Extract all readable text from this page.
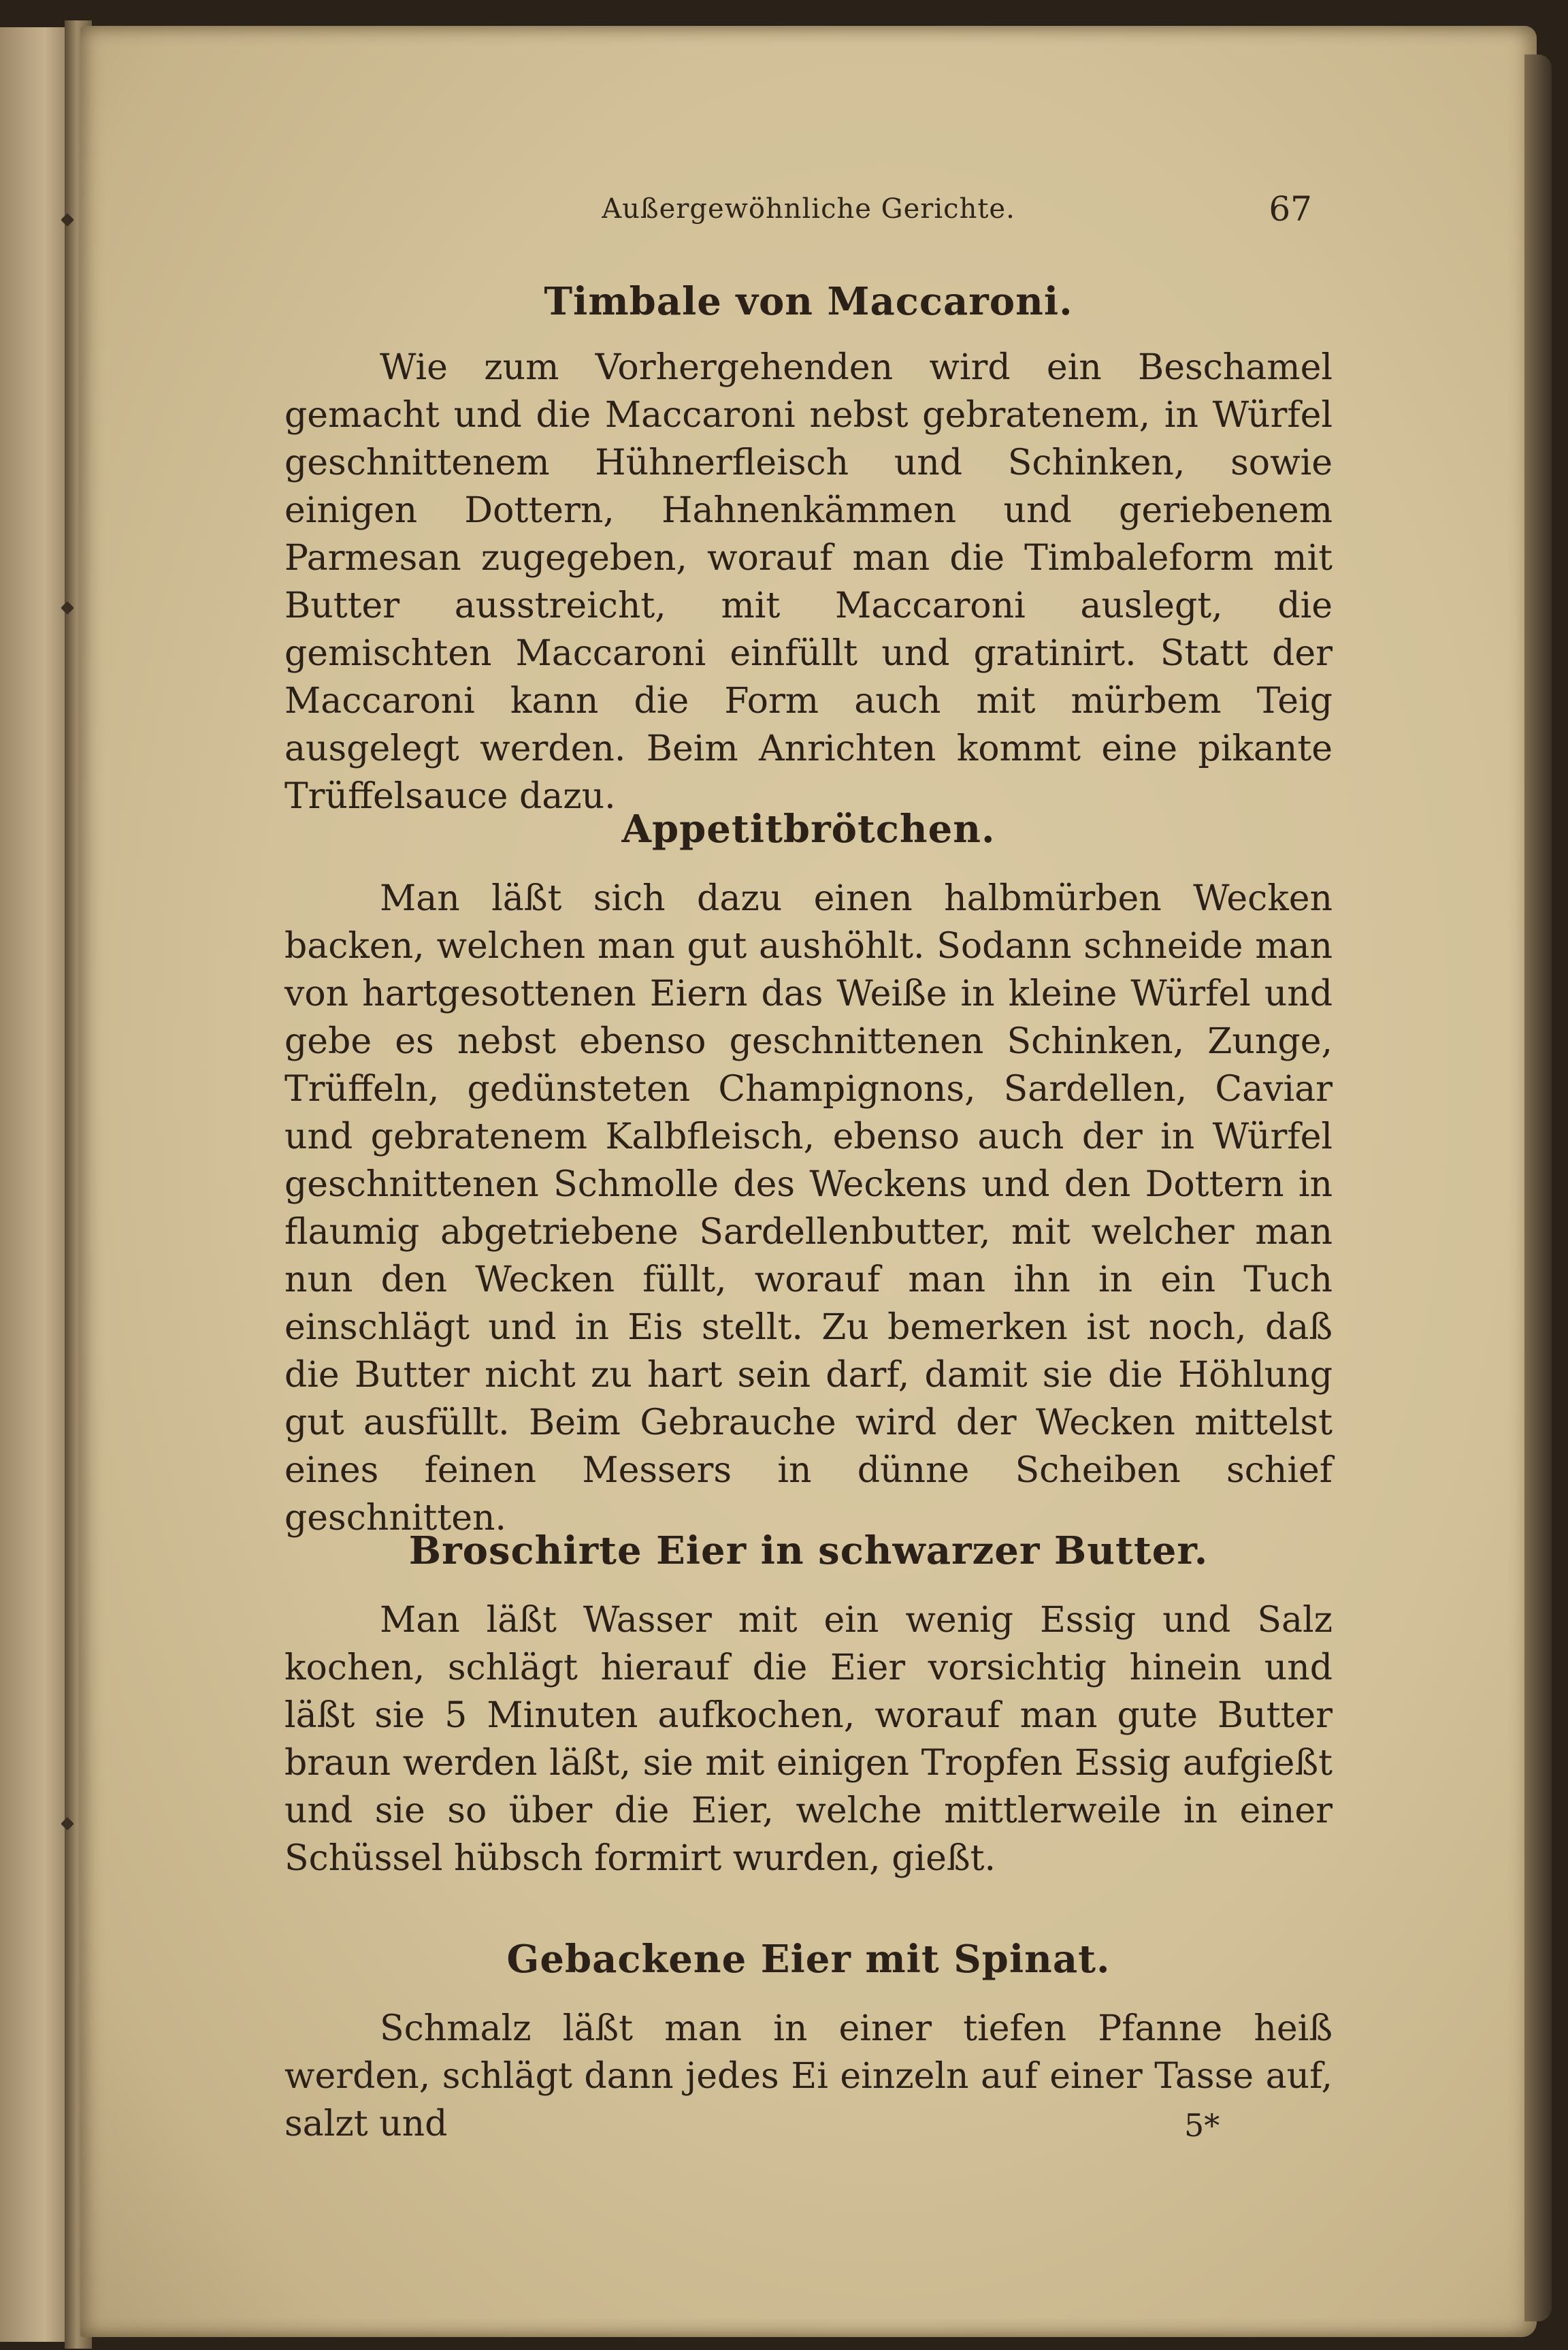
Außergewöhnliche Gerichte.	67
Timbale von Maccaroni.

Wie zum Vorhergehenden wird ein Beschamel gemacht und die Maccaroni nebst gebratenem, in Würfel geschnittenem Hühnerfleisch und Schinken, sowie einigen Dottern, Hahnenkämmen und geriebenem Parmesan zugegeben, worauf man die Timbaleform mit Butter ausstreicht, mit Maccaroni auslegt, die gemischten Maccaroni einfüllt und gratinirt. Statt der Maccaroni kann die Form auch mit mürbem Teig ausgelegt werden. Beim Anrichten kommt eine pikante Trüffelsauce dazu.

Appetitbrötchen.

Man läßt sich dazu einen halbmürben Wecken backen, welchen man gut aushöhlt. Sodann schneide man von hartgesottenen Eiern das Weiße in kleine Würfel und gebe es nebst ebenso geschnittenen Schinken, Zunge, Trüffeln, gedünsteten Champignons, Sardellen, Caviar und gebratenem Kalbfleisch, ebenso auch der in Würfel geschnittenen Schmolle des Weckens und den Dottern in flaumig abgetriebene Sardellenbutter, mit welcher man nun den Wecken füllt, worauf man ihn in ein Tuch einschlägt und in Eis stellt. Zu bemerken ist noch, daß die Butter nicht zu hart sein darf, damit sie die Höhlung gut ausfüllt. Beim Gebrauche wird der Wecken mittelst eines feinen Messers in dünne Scheiben schief geschnitten.

Broschirte Eier in schwarzer Butter.

Man läßt Wasser mit ein wenig Essig und Salz kochen, schlägt hierauf die Eier vorsichtig hinein und läßt sie 5 Minuten aufkochen, worauf man gute Butter braun werden läßt, sie mit einigen Tropfen Essig aufgießt und sie so über die Eier, welche mittlerweile in einer Schüssel hübsch formirt wurden, gießt.

Gebackene Eier mit Spinat.

Schmalz läßt man in einer tiefen Pfanne heiß werden, schlägt dann jedes Ei einzeln auf einer Tasse auf, salzt und	5*
